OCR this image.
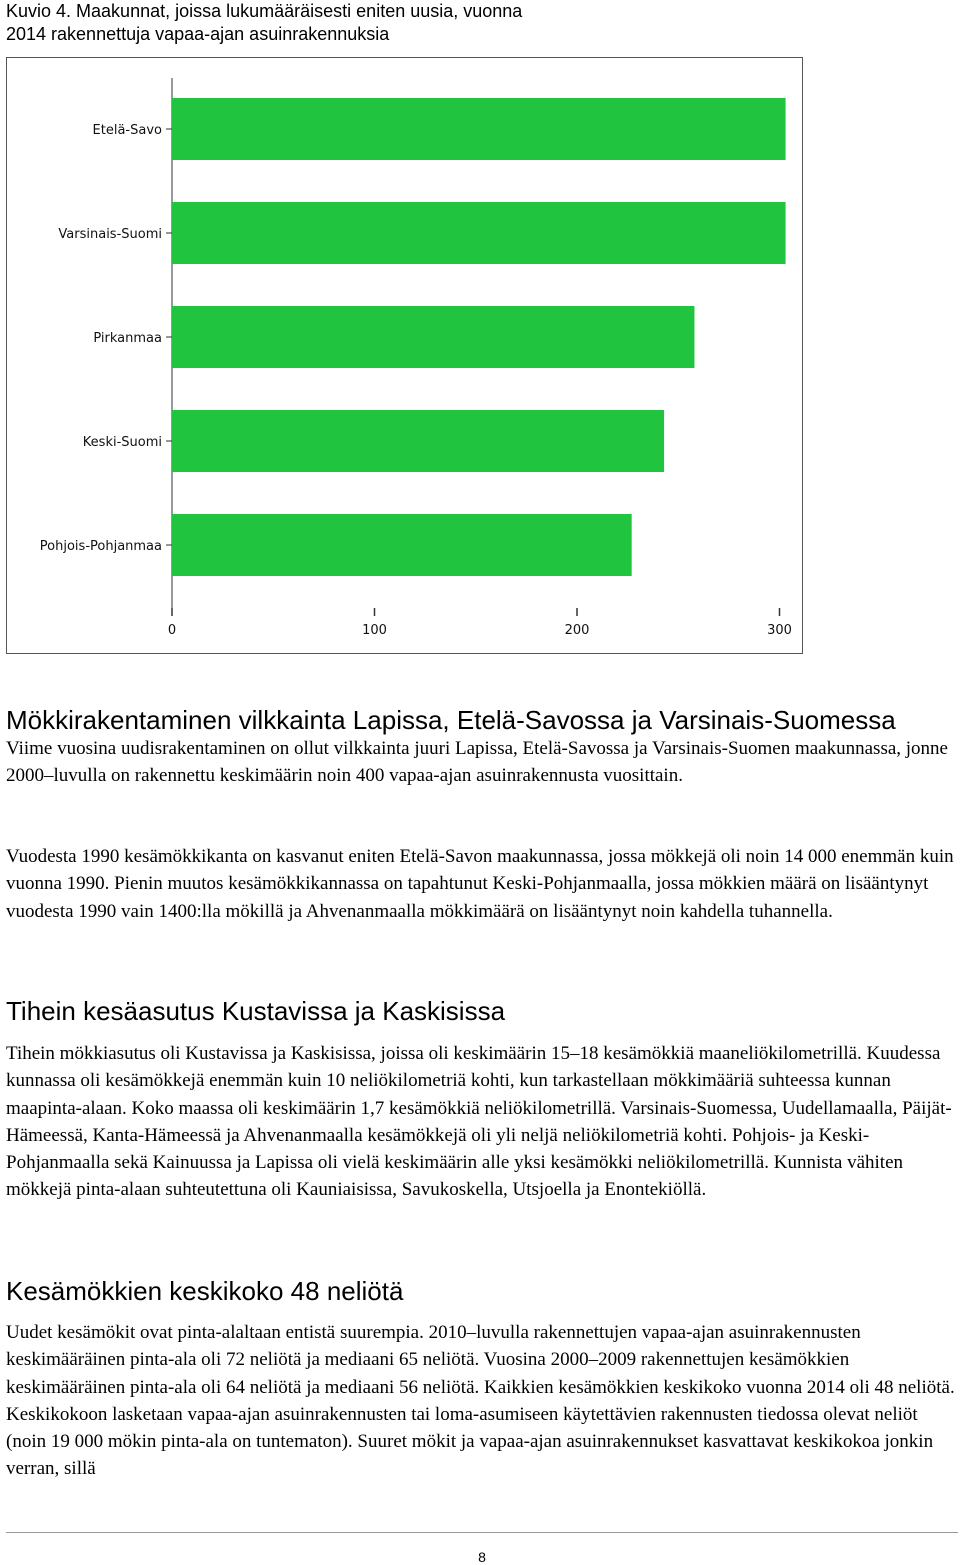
Kuvio 4. Maakunnat, joissa lukumääräisesti eniten uusia, vuonna
2014 rakennettuja vapaa-ajan asuinrakennuksia
Etelä-Savo
Varsinais-Suomi
Pirkanmaa
Keski-Suomi
Pohjois-Pohjanmaa
0	100	200	300
Mökkirakentaminen vilkkainta Lapissa, Etelä-Savossa ja Varsinais-Suomessa

Viime vuosina uudisrakentaminen on ollut vilkkainta juuri Lapissa, Etelä-Savossa ja Varsinais-Suomen maakunnassa, jonne 2000–luvulla on rakennettu keskimäärin noin 400 vapaa-ajan asuinrakennusta vuosittain.

Vuodesta 1990 kesämökkikanta on kasvanut eniten Etelä-Savon maakunnassa, jossa mökkejä oli noin 14 000 enemmän kuin vuonna 1990. Pienin muutos kesämökkikannassa on tapahtunut Keski-Pohjanmaalla, jossa mökkien määrä on lisääntynyt vuodesta 1990 vain 1400:lla mökillä ja Ahvenanmaalla mökkimäärä on lisääntynyt noin kahdella tuhannella.

Tihein kesäasutus Kustavissa ja Kaskisissa

Tihein mökkiasutus oli Kustavissa ja Kaskisissa, joissa oli keskimäärin 15–18 kesämökkiä maaneliökilometrillä. Kuudessa kunnassa oli kesämökkejä enemmän kuin 10 neliökilometriä kohti, kun tarkastellaan mökkimääriä suhteessa kunnan maapinta-alaan. Koko maassa oli keskimäärin 1,7 kesämökkiä neliökilometrillä. Varsinais-Suomessa, Uudellamaalla, Päijät-Hämeessä, Kanta-Hämeessä ja Ahvenanmaalla kesämökkejä oli yli neljä neliökilometriä kohti. Pohjois- ja Keski-Pohjanmaalla sekä Kainuussa ja Lapissa oli vielä keskimäärin alle yksi kesämökki neliökilometrillä. Kunnista vähiten mökkejä pinta-alaan suhteutettuna oli Kauniaisissa, Savukoskella, Utsjoella ja Enontekiöllä.

Kesämökkien keskikoko 48 neliötä

Uudet kesämökit ovat pinta-alaltaan entistä suurempia. 2010–luvulla rakennettujen vapaa-ajan asuinrakennusten keskimääräinen pinta-ala oli 72 neliötä ja mediaani 65 neliötä. Vuosina 2000–2009 rakennettujen kesämökkien keskimääräinen pinta-ala oli 64 neliötä ja mediaani 56 neliötä. Kaikkien kesämökkien keskikoko vuonna 2014 oli 48 neliötä. Keskikokoon lasketaan vapaa-ajan asuinrakennusten tai loma-asumiseen käytettävien rakennusten tiedossa olevat neliöt (noin 19 000 mökin pinta-ala on tuntematon). Suuret mökit ja vapaa-ajan asuinrakennukset kasvattavat keskikokoa jonkin verran, sillä

8
